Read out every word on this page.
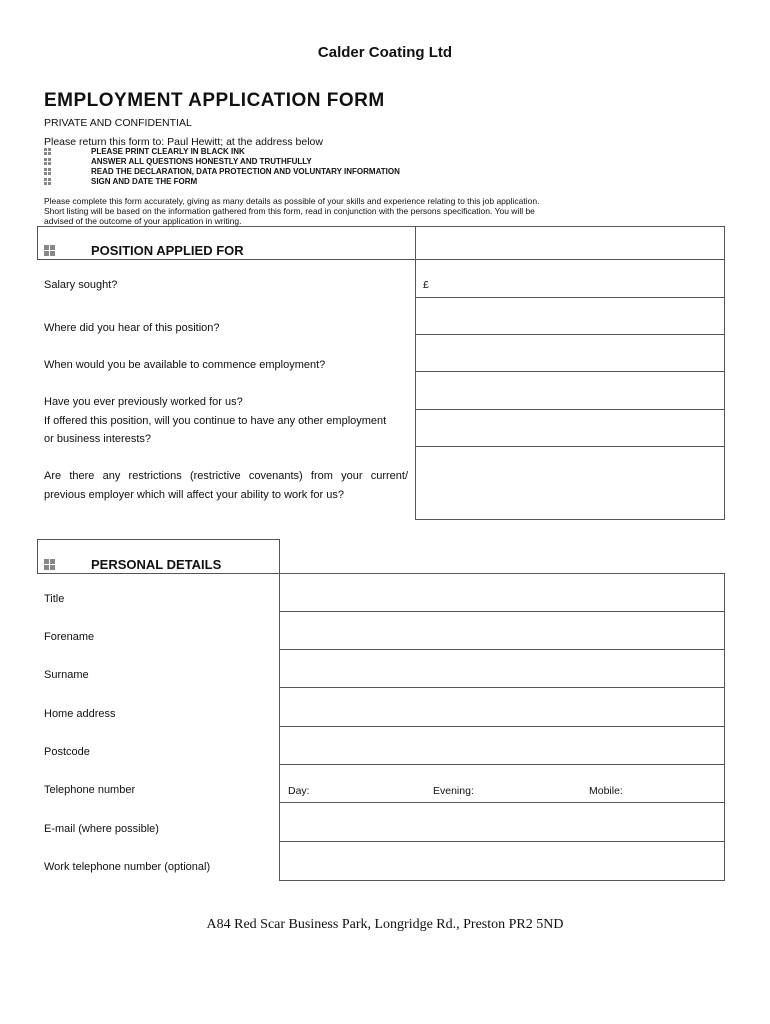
Calder Coating Ltd
EMPLOYMENT APPLICATION FORM
PRIVATE AND CONFIDENTIAL
Please return this form to: Paul Hewitt; at the address below
PLEASE PRINT CLEARLY IN BLACK INK
ANSWER ALL QUESTIONS HONESTLY AND TRUTHFULLY
READ THE DECLARATION, DATA PROTECTION AND VOLUNTARY INFORMATION
SIGN AND DATE THE FORM
Please complete this form accurately, giving as many details as possible of your skills and experience relating to this job application.
Short listing will be based on the information gathered from this form, read in conjunction with the persons specification. You will be
advised of the outcome of your application in writing.
POSITION APPLIED FOR
£
Salary sought?
Where did you hear of this position?
When would you be available to commence employment?
Have you ever previously worked for us?
If offered this position, will you continue to have any other employment
or business interests?
Are there any restrictions (restrictive covenants) from your current/
previous employer which will affect your ability to work for us?
PERSONAL DETAILS
Day:	Evening:	Mobile:
Title
Forename
Surname
Home address
Postcode
Telephone number
E-mail (where possible)
Work telephone number (optional)
A84 Red Scar Business Park, Longridge Rd., Preston PR2 5ND
